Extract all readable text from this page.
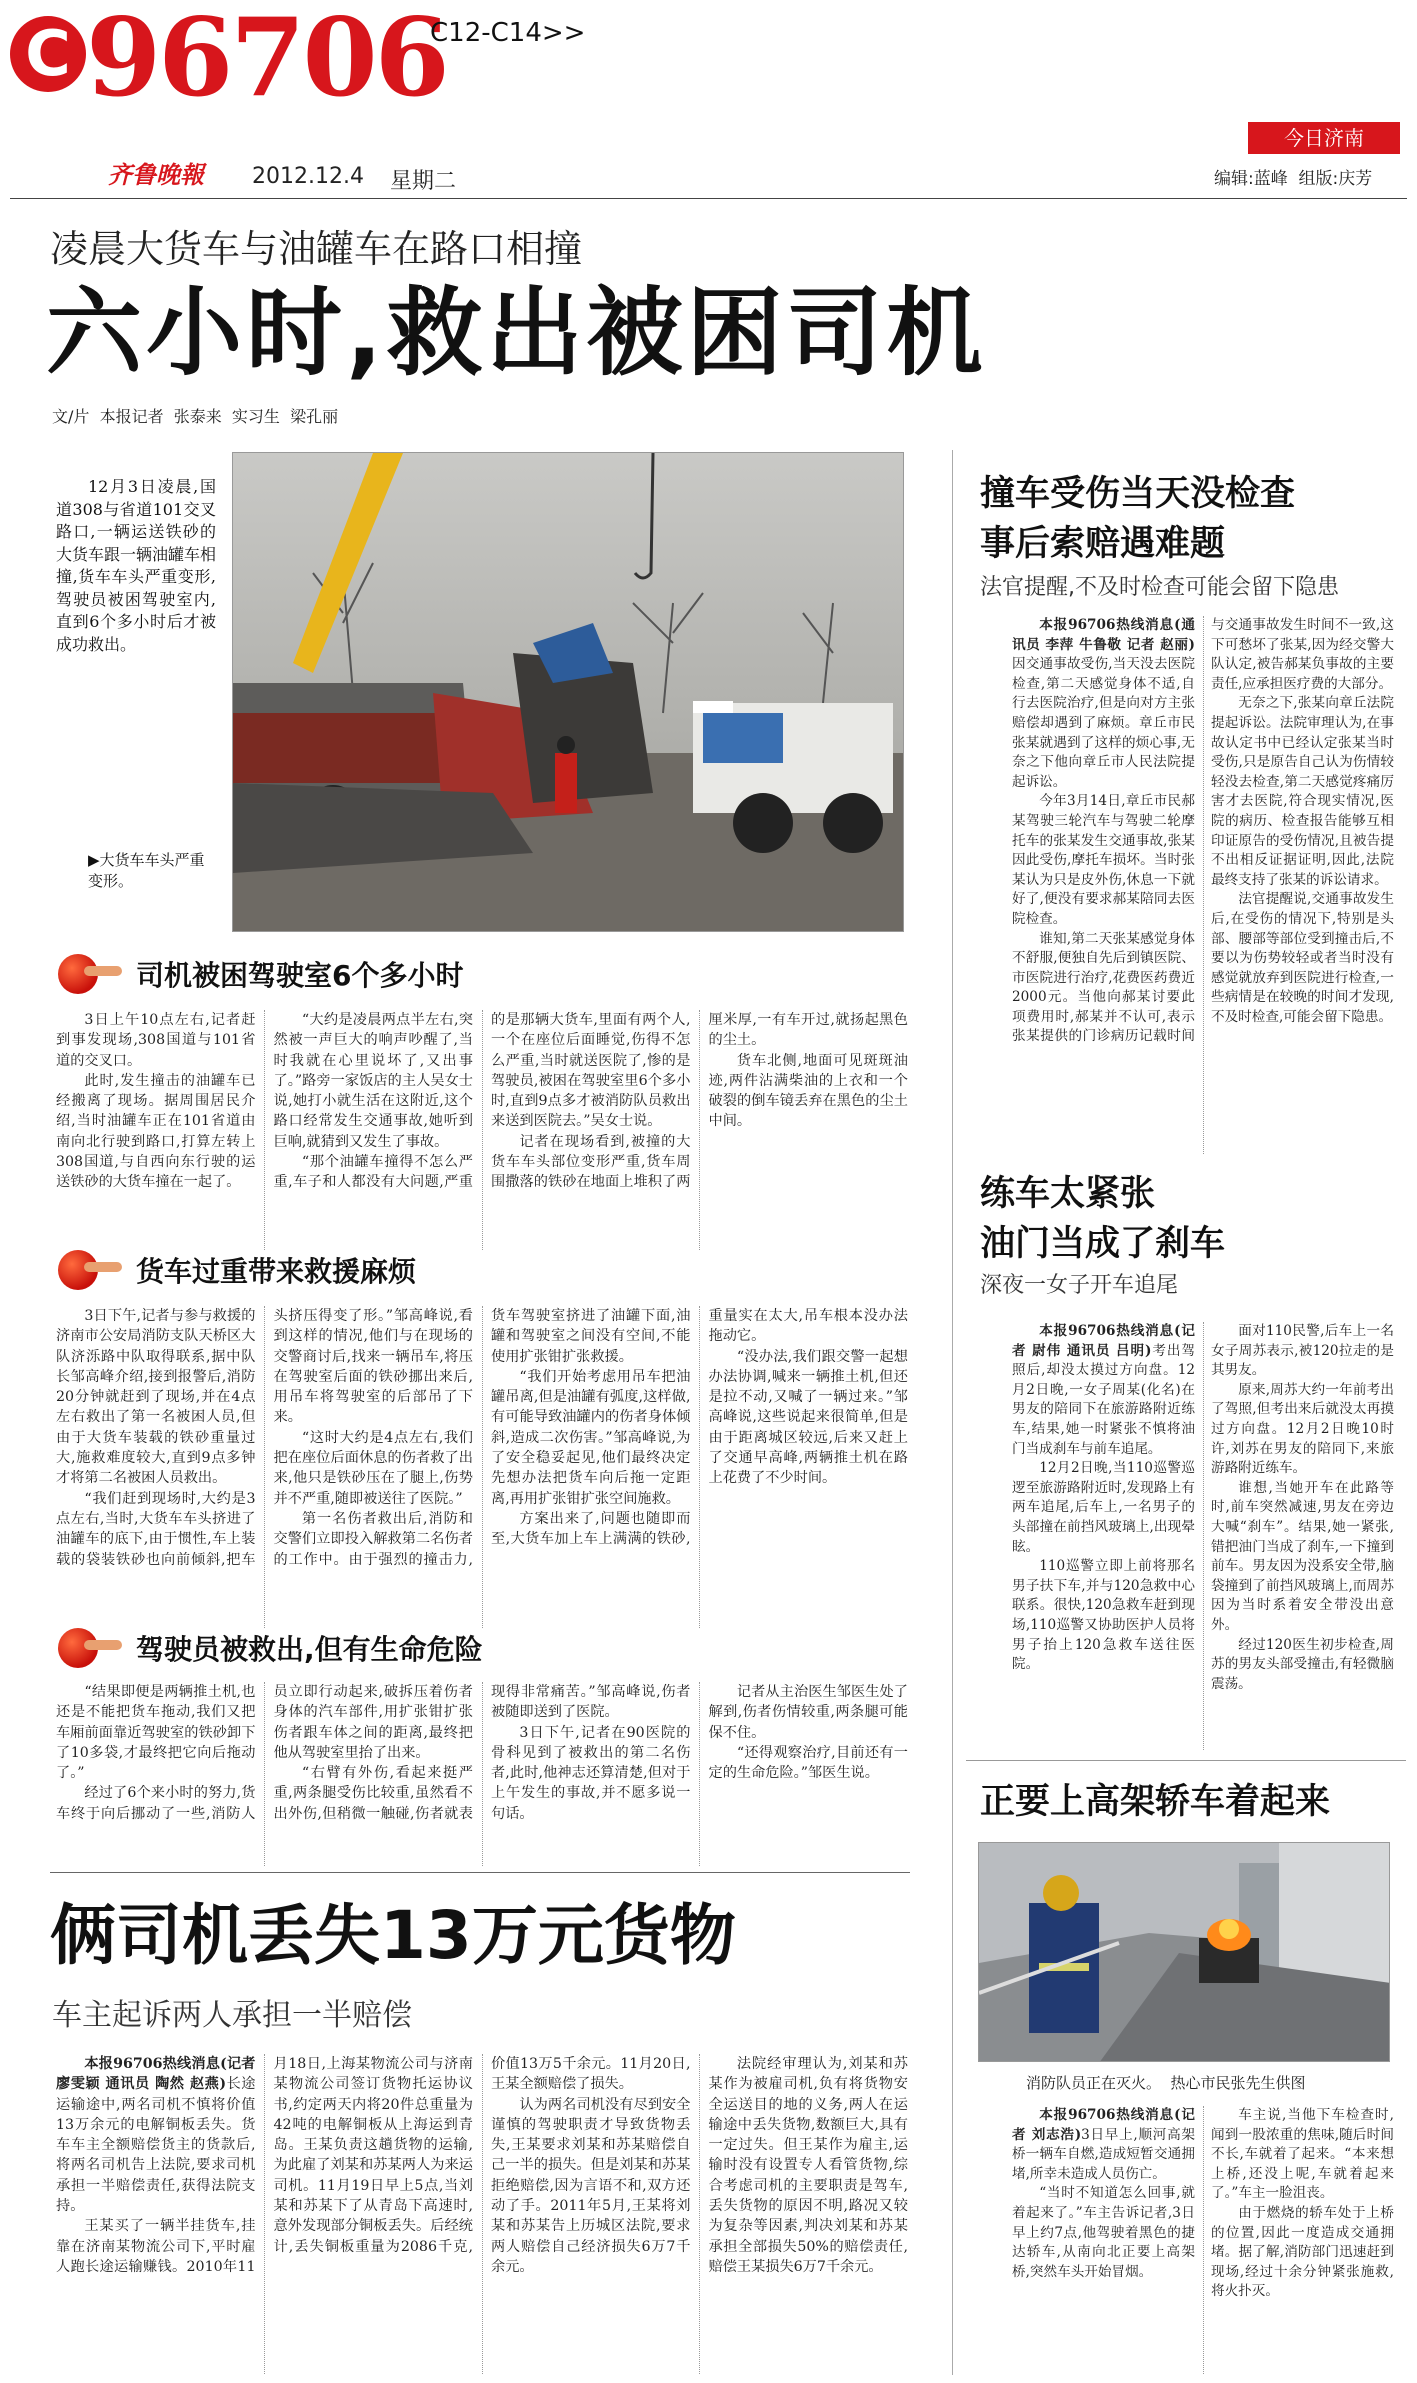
C 96706
C12-C14>>
齐鲁晚報 2012.12.4 星期二
今日济南
编辑:蓝峰  组版:庆芳
凌晨大货车与油罐车在路口相撞
六小时,救出被困司机
文/片  本报记者  张泰来  实习生  梁孔丽
12月3日凌晨,国道308与省道101交叉路口,一辆运送铁砂的大货车跟一辆油罐车相撞,货车车头严重变形,驾驶员被困驾驶室内,直到6个多小时后才被成功救出。
▶大货车车头严重变形。
司机被困驾驶室6个多小时

3日上午10点左右,记者赶到事发现场,308国道与101省道的交叉口。

此时,发生撞击的油罐车已经搬离了现场。据周围居民介绍,当时油罐车正在101省道由南向北行驶到路口,打算左转上308国道,与自西向东行驶的运送铁砂的大货车撞在一起了。

“大约是凌晨两点半左右,突然被一声巨大的响声吵醒了,当时我就在心里说坏了,又出事了。”路旁一家饭店的主人吴女士说,她打小就生活在这附近,这个路口经常发生交通事故,她听到巨响,就猜到又发生了事故。

“那个油罐车撞得不怎么严重,车子和人都没有大问题,严重的是那辆大货车,里面有两个人,一个在座位后面睡觉,伤得不怎么严重,当时就送医院了,惨的是驾驶员,被困在驾驶室里6个多小时,直到9点多才被消防队员救出来送到医院去。”吴女士说。

记者在现场看到,被撞的大货车车头部位变形严重,货车周围撒落的铁砂在地面上堆积了两厘米厚,一有车开过,就扬起黑色的尘土。

货车北侧,地面可见斑斑油迹,两件沾满柴油的上衣和一个破裂的倒车镜丢弃在黑色的尘土中间。

货车过重带来救援麻烦

3日下午,记者与参与救援的济南市公安局消防支队天桥区大队济泺路中队取得联系,据中队长邹高峰介绍,接到报警后,消防20分钟就赶到了现场,并在4点左右救出了第一名被困人员,但由于大货车装载的铁砂重量过大,施救难度较大,直到9点多钟才将第二名被困人员救出。

“我们赶到现场时,大约是3点左右,当时,大货车车头挤进了油罐车的底下,由于惯性,车上装载的袋装铁砂也向前倾斜,把车头挤压得变了形。”邹高峰说,看到这样的情况,他们与在现场的交警商讨后,找来一辆吊车,将压在驾驶室后面的铁砂挪出来后,用吊车将驾驶室的后部吊了下来。

“这时大约是4点左右,我们把在座位后面休息的伤者救了出来,他只是铁砂压在了腿上,伤势并不严重,随即被送往了医院。”

第一名伤者救出后,消防和交警们立即投入解救第二名伤者的工作中。由于强烈的撞击力,货车驾驶室挤进了油罐下面,油罐和驾驶室之间没有空间,不能使用扩张钳扩张救援。

“我们开始考虑用吊车把油罐吊离,但是油罐有弧度,这样做,有可能导致油罐内的伤者身体倾斜,造成二次伤害。”邹高峰说,为了安全稳妥起见,他们最终决定先想办法把货车向后拖一定距离,再用扩张钳扩张空间施救。

方案出来了,问题也随即而至,大货车加上车上满满的铁砂,重量实在太大,吊车根本没办法拖动它。

“没办法,我们跟交警一起想办法协调,喊来一辆推土机,但还是拉不动,又喊了一辆过来。”邹高峰说,这些说起来很简单,但是由于距离城区较远,后来又赶上了交通早高峰,两辆推土机在路上花费了不少时间。

驾驶员被救出,但有生命危险

“结果即便是两辆推土机,也还是不能把货车拖动,我们又把车厢前面靠近驾驶室的铁砂卸下了10多袋,才最终把它向后拖动了。”

经过了6个来小时的努力,货车终于向后挪动了一些,消防人员立即行动起来,破拆压着伤者身体的汽车部件,用扩张钳扩张伤者跟车体之间的距离,最终把他从驾驶室里抬了出来。

“右臂有外伤,看起来挺严重,两条腿受伤比较重,虽然看不出外伤,但稍微一触碰,伤者就表现得非常痛苦。”邹高峰说,伤者被随即送到了医院。

3日下午,记者在90医院的骨科见到了被救出的第二名伤者,此时,他神志还算清楚,但对于上午发生的事故,并不愿多说一句话。

记者从主治医生邹医生处了解到,伤者伤情较重,两条腿可能保不住。

“还得观察治疗,目前还有一定的生命危险。”邹医生说。

俩司机丢失13万元货物
车主起诉两人承担一半赔偿

本报96706热线消息(记者 廖雯颖 通讯员 陶然 赵燕)长途运输途中,两名司机不慎将价值13万余元的电解铜板丢失。货车车主全额赔偿货主的货款后,将两名司机告上法院,要求司机承担一半赔偿责任,获得法院支持。

王某买了一辆半挂货车,挂靠在济南某物流公司下,平时雇人跑长途运输赚钱。2010年11月18日,上海某物流公司与济南某物流公司签订货物托运协议书,约定两天内将20件总重量为42吨的电解铜板从上海运到青岛。王某负责这趟货物的运输,为此雇了刘某和苏某两人为来运司机。11月19日早上5点,当刘某和苏某下了从青岛下高速时,意外发现部分铜板丢失。后经统计,丢失铜板重量为2086千克,价值13万5千余元。11月20日,王某全额赔偿了损失。

认为两名司机没有尽到安全谨慎的驾驶职责才导致货物丢失,王某要求刘某和苏某赔偿自己一半的损失。但是刘某和苏某拒绝赔偿,因为言语不和,双方还动了手。2011年5月,王某将刘某和苏某告上历城区法院,要求两人赔偿自己经济损失6万7千余元。

法院经审理认为,刘某和苏某作为被雇司机,负有将货物安全运送目的地的义务,两人在运输途中丢失货物,数额巨大,具有一定过失。但王某作为雇主,运输时没有设置专人看管货物,综合考虑司机的主要职责是驾车,丢失货物的原因不明,路况又较为复杂等因素,判决刘某和苏某承担全部损失50%的赔偿责任,赔偿王某损失6万7千余元。

撞车受伤当天没检查
事后索赔遇难题
法官提醒,不及时检查可能会留下隐患

本报96706热线消息(通讯员 李萍 牛鲁敬 记者 赵丽)因交通事故受伤,当天没去医院检查,第二天感觉身体不适,自行去医院治疗,但是向对方主张赔偿却遇到了麻烦。章丘市民张某就遇到了这样的烦心事,无奈之下他向章丘市人民法院提起诉讼。

今年3月14日,章丘市民郝某驾驶三轮汽车与驾驶二轮摩托车的张某发生交通事故,张某因此受伤,摩托车损坏。当时张某认为只是皮外伤,休息一下就好了,便没有要求郝某陪同去医院检查。

谁知,第二天张某感觉身体不舒服,便独自先后到镇医院、市医院进行治疗,花费医药费近2000元。当他向郝某讨要此项费用时,郝某并不认可,表示张某提供的门诊病历记载时间与交通事故发生时间不一致,这下可愁坏了张某,因为经交警大队认定,被告郝某负事故的主要责任,应承担医疗费的大部分。

无奈之下,张某向章丘法院提起诉讼。法院审理认为,在事故认定书中已经认定张某当时受伤,只是原告自己认为伤情较轻没去检查,第二天感觉疼痛厉害才去医院,符合现实情况,医院的病历、检查报告能够互相印证原告的受伤情况,且被告提不出相反证据证明,因此,法院最终支持了张某的诉讼请求。

法官提醒说,交通事故发生后,在受伤的情况下,特别是头部、腰部等部位受到撞击后,不要以为伤势较轻或者当时没有感觉就放弃到医院进行检查,一些病情是在较晚的时间才发现,不及时检查,可能会留下隐患。

练车太紧张
油门当成了刹车
深夜一女子开车追尾

本报96706热线消息(记者 尉伟 通讯员 吕明)考出驾照后,却没太摸过方向盘。12月2日晚,一女子周某(化名)在男友的陪同下在旅游路附近练车,结果,她一时紧张不慎将油门当成刹车与前车追尾。

12月2日晚,当110巡警巡逻至旅游路附近时,发现路上有两车追尾,后车上,一名男子的头部撞在前挡风玻璃上,出现晕眩。

110巡警立即上前将那名男子扶下车,并与120急救中心联系。很快,120急救车赶到现场,110巡警又协助医护人员将男子抬上120急救车送往医院。

面对110民警,后车上一名女子周苏表示,被120拉走的是其男友。

原来,周苏大约一年前考出了驾照,但考出来后就没太再摸过方向盘。12月2日晚10时许,刘苏在男友的陪同下,来旅游路附近练车。

谁想,当她开车在此路等时,前车突然减速,男友在旁边大喊“刹车”。结果,她一紧张,错把油门当成了刹车,一下撞到前车。男友因为没系安全带,脑袋撞到了前挡风玻璃上,而周苏因为当时系着安全带没出意外。

经过120医生初步检查,周苏的男友头部受撞击,有轻微脑震荡。

正要上高架轿车着起来
消防队员正在灭火。  热心市民张先生供图

本报96706热线消息(记者 刘志浩)3日早上,顺河高架桥一辆车自燃,造成短暂交通拥堵,所幸未造成人员伤亡。

“当时不知道怎么回事,就着起来了。”车主告诉记者,3日早上约7点,他驾驶着黑色的捷达轿车,从南向北正要上高架桥,突然车头开始冒烟。

车主说,当他下车检查时,闻到一股浓重的焦味,随后时间不长,车就着了起来。“本来想上桥,还没上呢,车就着起来了。”车主一脸沮丧。

由于燃烧的轿车处于上桥的位置,因此一度造成交通拥堵。据了解,消防部门迅速赶到现场,经过十余分钟紧张施救,将火扑灭。
